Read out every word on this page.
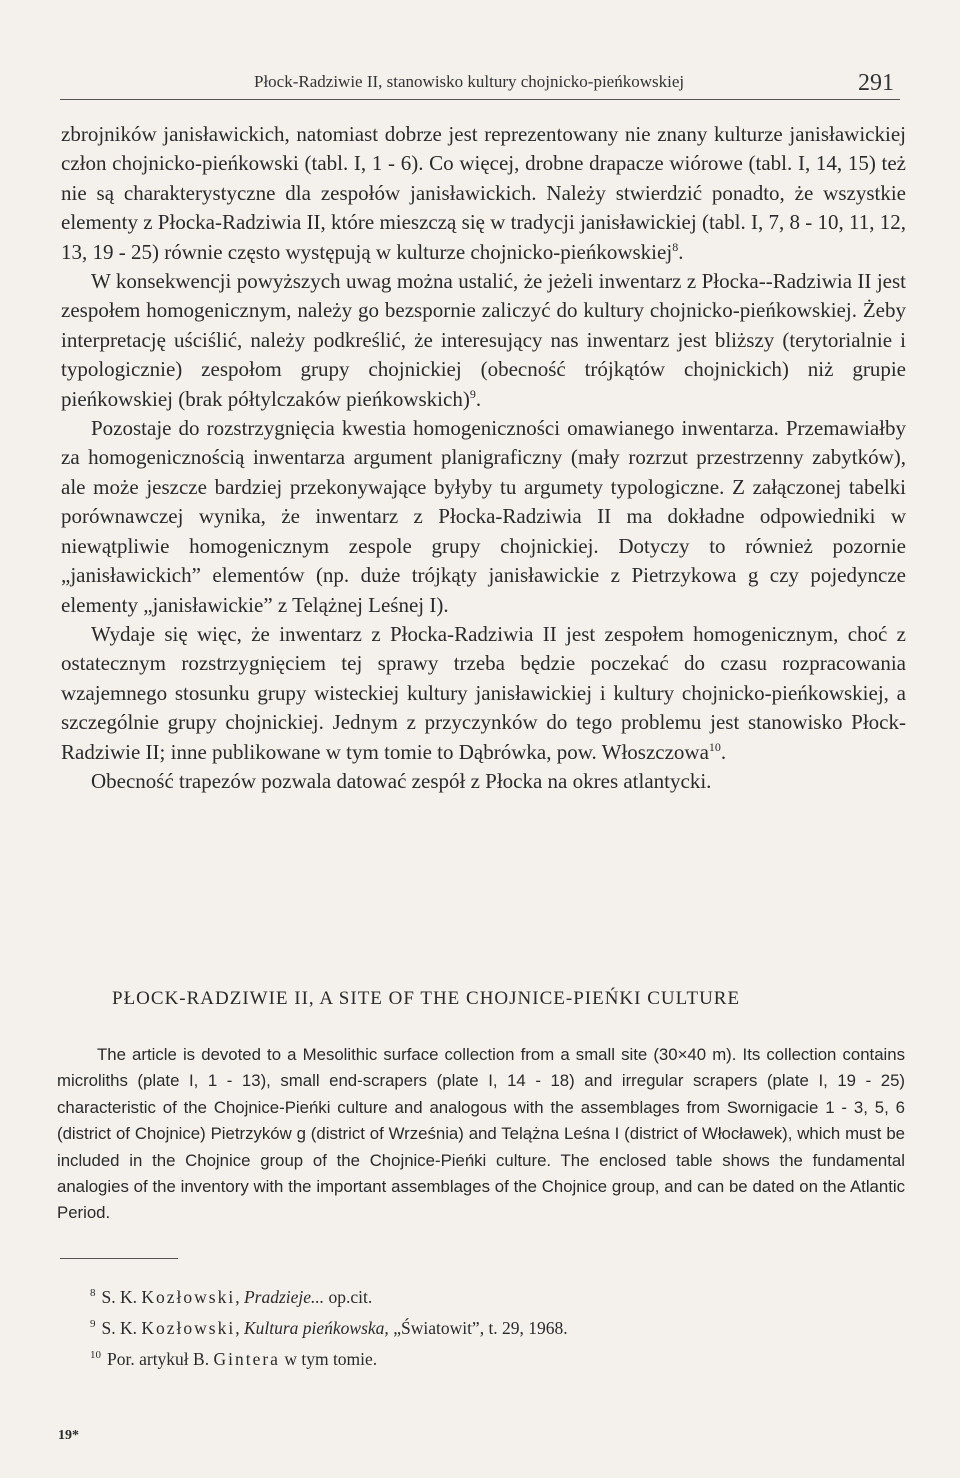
Płock-Radziwie II, stanowisko kultury chojnicko-pieńkowskiej	291

zbrojników janisławickich, natomiast dobrze jest reprezentowany nie znany kulturze janisławickiej człon chojnicko-pieńkowski (tabl. I, 1 - 6). Co więcej, drobne drapacze wiórowe (tabl. I, 14, 15) też nie są charakterystyczne dla zespołów janisławickich. Należy stwierdzić ponadto, że wszystkie elementy z Płocka-Radziwia II, które mieszczą się w tradycji janisławickiej (tabl. I, 7, 8 - 10, 11, 12, 13, 19 - 25) równie często występują w kulturze chojnicko-pieńkowskiej$^8$.

W konsekwencji powyższych uwag można ustalić, że jeżeli inwentarz z Płocka--Radziwia II jest zespołem homogenicznym, należy go bezspornie zaliczyć do kultury chojnicko-pieńkowskiej. Żeby interpretację uściślić, należy podkreślić, że interesujący nas inwentarz jest bliższy (terytorialnie i typologicznie) zespołom grupy chojnickiej (obecność trójkątów chojnickich) niż grupie pieńkowskiej (brak półtylczaków pieńkowskich)$^9$.

Pozostaje do rozstrzygnięcia kwestia homogeniczności omawianego inwentarza. Przemawiałby za homogenicznością inwentarza argument planigraficzny (mały rozrzut przestrzenny zabytków), ale może jeszcze bardziej przekonywające byłyby tu argumety typologiczne. Z załączonej tabelki porównawczej wynika, że inwentarz z Płocka-Radziwia II ma dokładne odpowiedniki w niewątpliwie homogenicznym zespole grupy chojnickiej. Dotyczy to również pozornie „janisławickich” elementów (np. duże trójkąty janisławickie z Pietrzykowa g czy pojedyncze elementy „janisławickie” z Telążnej Leśnej I).

Wydaje się więc, że inwentarz z Płocka-Radziwia II jest zespołem homogenicznym, choć z ostatecznym rozstrzygnięciem tej sprawy trzeba będzie poczekać do czasu rozpracowania wzajemnego stosunku grupy wisteckiej kultury janisławickiej i kultury chojnicko-pieńkowskiej, a szczególnie grupy chojnickiej. Jednym z przyczynków do tego problemu jest stanowisko Płock-Radziwie II; inne publikowane w tym tomie to Dąbrówka, pow. Włoszczowa$^{10}$.

Obecność trapezów pozwala datować zespół z Płocka na okres atlantycki.

PŁOCK-RADZIWIE II, A SITE OF THE CHOJNICE-PIEŃKI CULTURE

The article is devoted to a Mesolithic surface collection from a small site (30×40 m). Its collection contains microliths (plate I, 1 - 13), small end-scrapers (plate I, 14 - 18) and irregular scrapers (plate I, 19 - 25) characteristic of the Chojnice-Pieńki culture and analogous with the assemblages from Swornigacie 1 - 3, 5, 6 (district of Chojnice) Pietrzyków g (district of Września) and Telążna Leśna I (district of Włocławek), which must be included in the Chojnice group of the Chojnice-Pieńki culture. The enclosed table shows the fundamental analogies of the inventory with the important assemblages of the Chojnice group, and can be dated on the Atlantic Period.

$^8$ S. K. Kozłowski, Pradzieje... op.cit.
$^9$ S. K. Kozłowski, Kultura pieńkowska, „Światowit”, t. 29, 1968.
$^{10}$ Por. artykuł B. Gintera w tym tomie.
19*
